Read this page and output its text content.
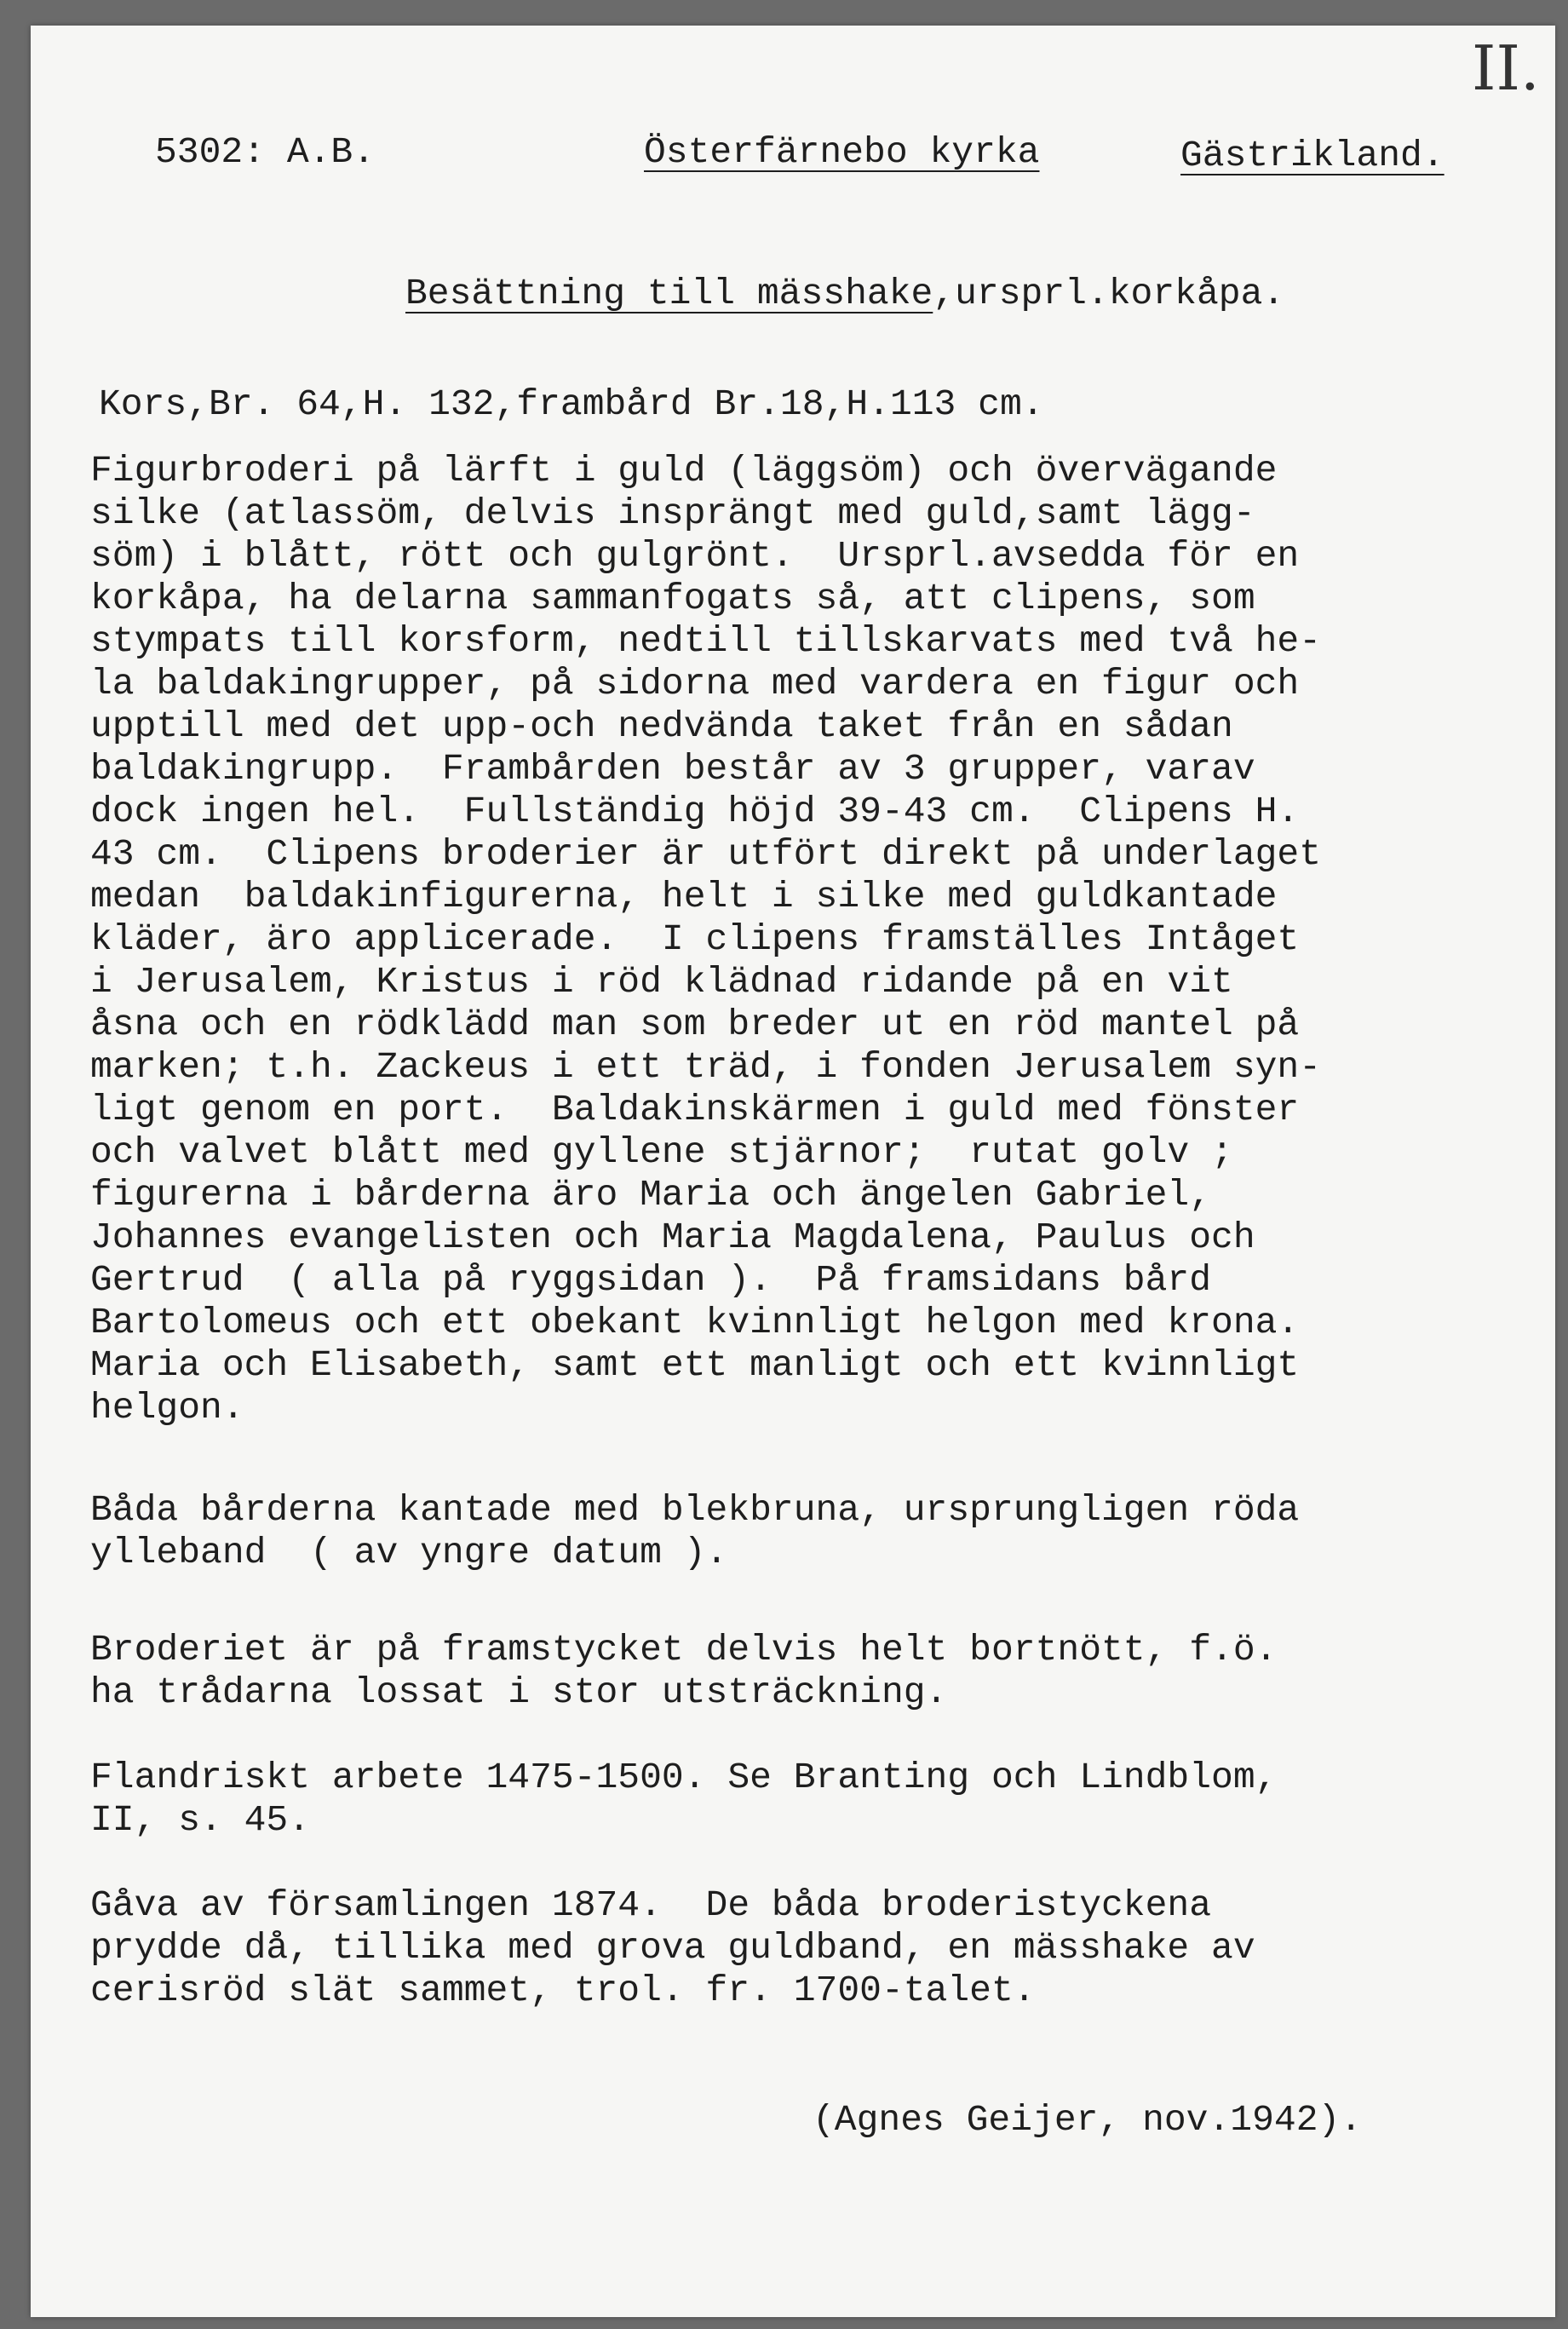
II.
5302: A.B.	Österfärnebo kyrka	Gästrikland.
Besättning till mässhake,ursprl.korkåpa.
Kors,Br. 64,H. 132,frambård Br.18,H.113 cm.
Figurbroderi på lärft i guld (läggsöm) och övervägande
silke (atlassöm, delvis insprängt med guld,samt lägg-
söm) i blått, rött och gulgrönt.  Ursprl.avsedda för en
korkåpa, ha delarna sammanfogats så, att clipens, som
stympats till korsform, nedtill tillskarvats med två he-
la baldakingrupper, på sidorna med vardera en figur och
upptill med det upp-och nedvända taket från en sådan
baldakingrupp.  Frambården består av 3 grupper, varav
dock ingen hel.  Fullständig höjd 39-43 cm.  Clipens H.
43 cm.  Clipens broderier är utfört direkt på underlaget
medan  baldakinfigurerna, helt i silke med guldkantade
kläder, äro applicerade.  I clipens framställes Intåget
i Jerusalem, Kristus i röd klädnad ridande på en vit
åsna och en rödklädd man som breder ut en röd mantel på
marken; t.h. Zackeus i ett träd, i fonden Jerusalem syn-
ligt genom en port.  Baldakinskärmen i guld med fönster
och valvet blått med gyllene stjärnor;  rutat golv ;
figurerna i bårderna äro Maria och ängelen Gabriel,
Johannes evangelisten och Maria Magdalena, Paulus och
Gertrud  ( alla på ryggsidan ).  På framsidans bård
Bartolomeus och ett obekant kvinnligt helgon med krona.
Maria och Elisabeth, samt ett manligt och ett kvinnligt
helgon.
Båda bårderna kantade med blekbruna, ursprungligen röda
ylleband  ( av yngre datum ).
Broderiet är på framstycket delvis helt bortnött, f.ö.
ha trådarna lossat i stor utsträckning.
Flandriskt arbete 1475-1500. Se Branting och Lindblom,
II, s. 45.
Gåva av församlingen 1874.  De båda broderistyckena
prydde då, tillika med grova guldband, en mässhake av
cerisröd slät sammet, trol. fr. 1700-talet.
(Agnes Geijer, nov.1942).
